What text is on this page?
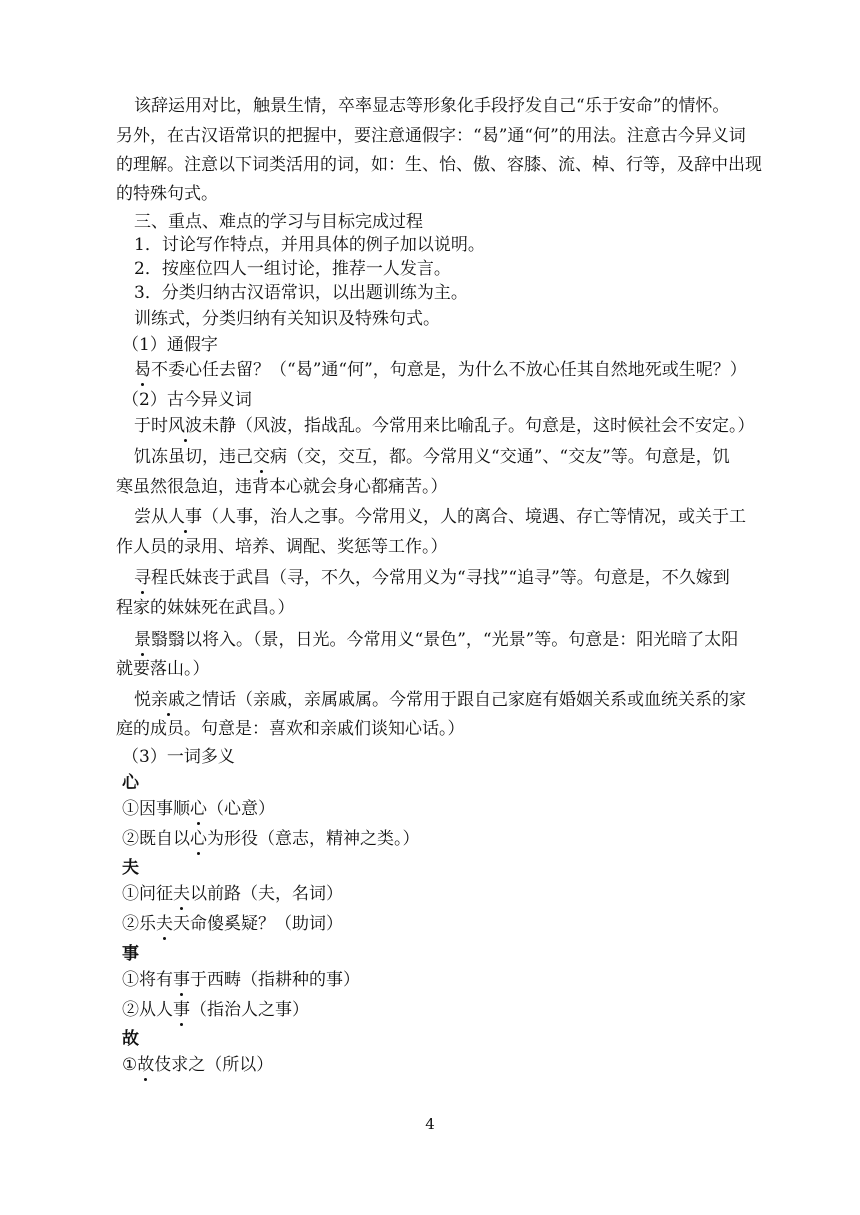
该辞运用对比，触景生情，卒率显志等形象化手段抒发自己“乐于安命”的情怀。
另外，在古汉语常识的把握中，要注意通假字：“曷”通“何”的用法。注意古今异义词
的理解。注意以下词类活用的词，如：生、怡、傲、容膝、流、棹、行等，及辞中出现
的特殊句式。
三、重点、难点的学习与目标完成过程
1．讨论写作特点，并用具体的例子加以说明。
2．按座位四人一组讨论，推荐一人发言。
3．分类归纳古汉语常识，以出题训练为主。
训练式，分类归纳有关知识及特殊句式。
（1）通假字
曷不委心任去留？（“曷”通“何”，句意是，为什么不放心任其自然地死或生呢？）
（2）古今异义词
于时风波未静（风波，指战乱。今常用来比喻乱子。句意是，这时候社会不安定。）
饥冻虽切，违己交病（交，交互，都。今常用义“交通”、“交友”等。句意是，饥
寒虽然很急迫，违背本心就会身心都痛苦。）
尝从人事（人事，治人之事。今常用义，人的离合、境遇、存亡等情况，或关于工
作人员的录用、培养、调配、奖惩等工作。）
寻程氏妹丧于武昌（寻，不久，今常用义为“寻找”“追寻”等。句意是，不久嫁到
程家的妹妹死在武昌。）
景翳翳以将入。（景，日光。今常用义“景色”，“光景”等。句意是：阳光暗了太阳
就要落山。）
悦亲戚之情话（亲戚，亲属戚属。今常用于跟自己家庭有婚姻关系或血统关系的家
庭的成员。句意是：喜欢和亲戚们谈知心话。）
（3）一词多义
心
①因事顺心（心意）
②既自以心为形役（意志，精神之类。）
夫
①问征夫以前路（夫，名词）
②乐夫天命傻奚疑？（助词）
事
①将有事于西畴（指耕种的事）
②从人事（指治人之事）
故
①故伎求之（所以）
4
